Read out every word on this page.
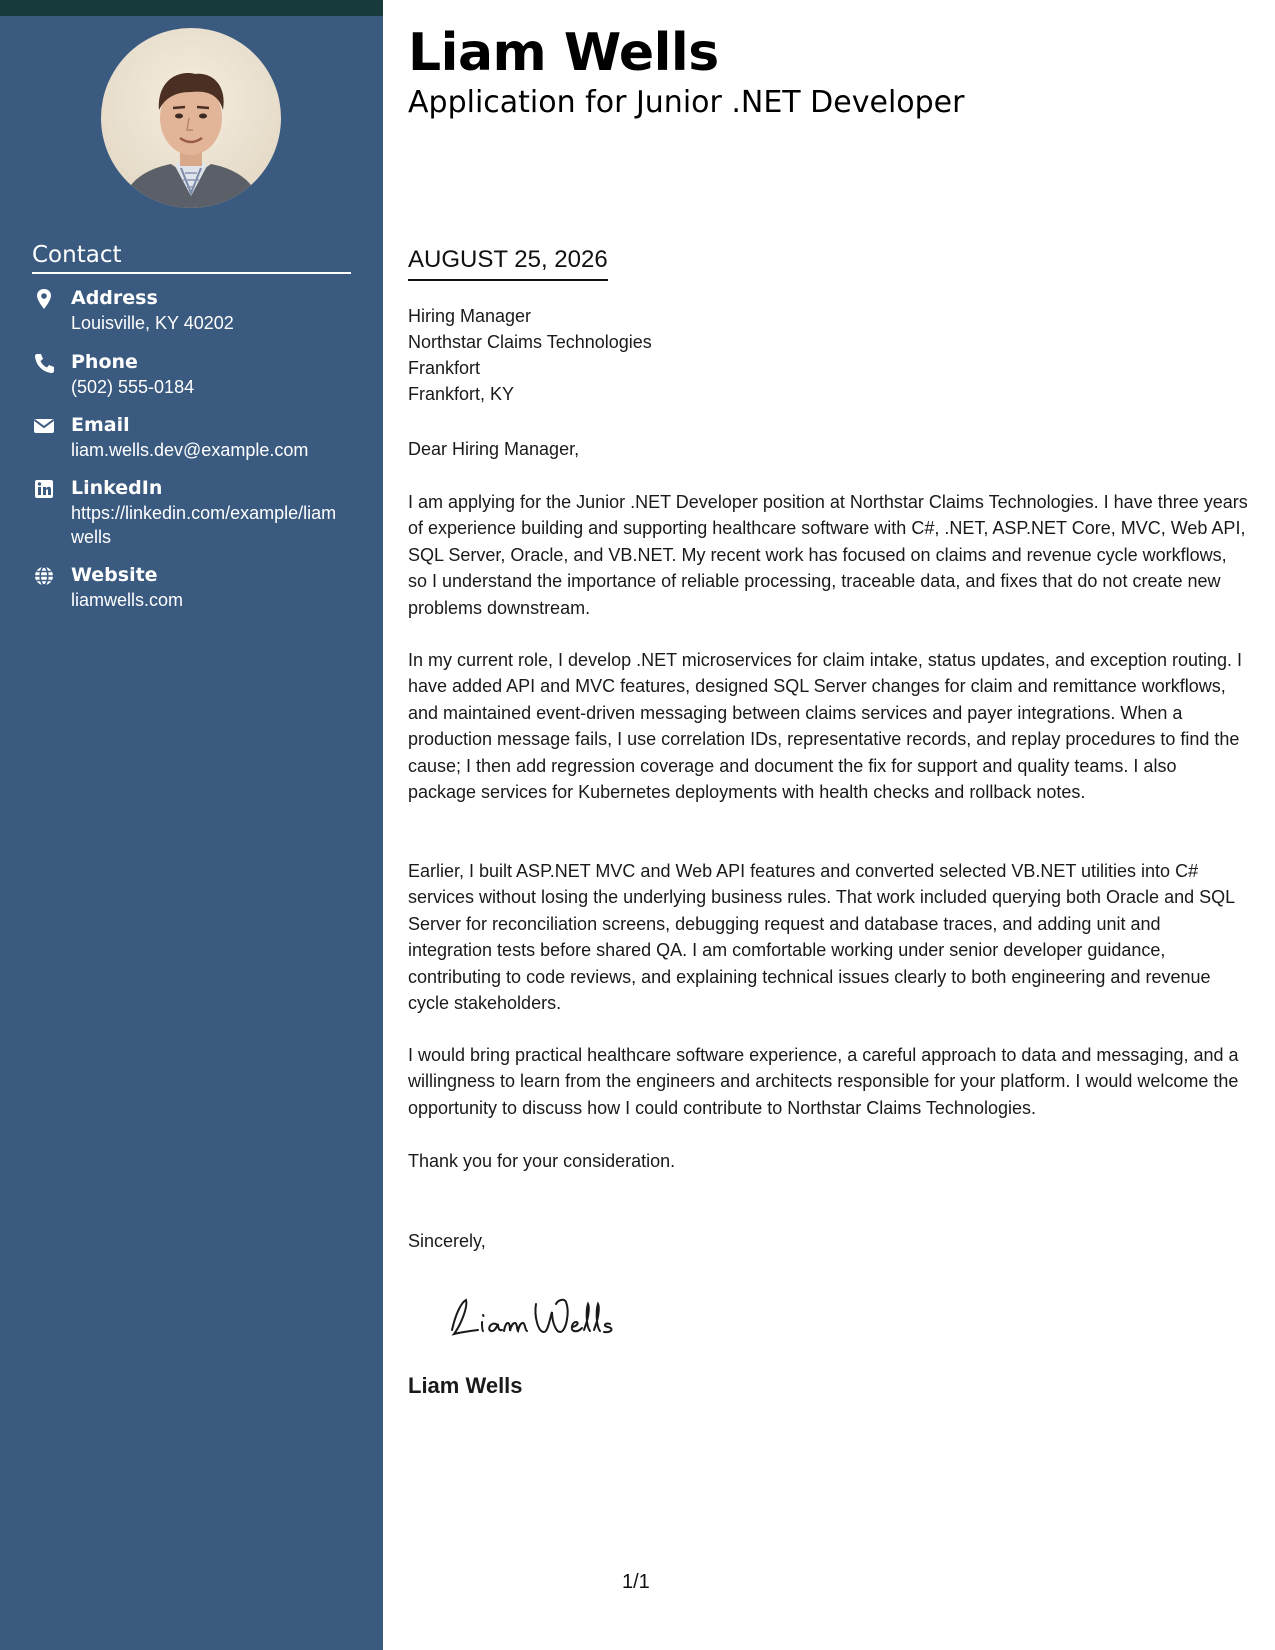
Contact
Address
Louisville, KY 40202
Phone
(502) 555-0184
Email
liam.wells.dev@example.com
LinkedIn
https://linkedin.com/example/liamwells
Website
liamwells.com
Liam Wells
Application for Junior .NET Developer
AUGUST 25, 2026
Hiring Manager
Northstar Claims Technologies
Frankfort
Frankfort, KY
Dear Hiring Manager,

I am applying for the Junior .NET Developer position at Northstar Claims Technologies. I have three years of experience building and supporting healthcare software with C#, .NET, ASP.NET Core, MVC, Web API, SQL Server, Oracle, and VB.NET. My recent work has focused on claims and revenue cycle workflows, so I understand the importance of reliable processing, traceable data, and fixes that do not create new problems downstream.

In my current role, I develop .NET microservices for claim intake, status updates, and exception routing. I have added API and MVC features, designed SQL Server changes for claim and remittance workflows, and maintained event-driven messaging between claims services and payer integrations. When a production message fails, I use correlation IDs, representative records, and replay procedures to find the cause; I then add regression coverage and document the fix for support and quality teams. I also package services for Kubernetes deployments with health checks and rollback notes.

Earlier, I built ASP.NET MVC and Web API features and converted selected VB.NET utilities into C# services without losing the underlying business rules. That work included querying both Oracle and SQL Server for reconciliation screens, debugging request and database traces, and adding unit and integration tests before shared QA. I am comfortable working under senior developer guidance, contributing to code reviews, and explaining technical issues clearly to both engineering and revenue cycle stakeholders.

I would bring practical healthcare software experience, a careful approach to data and messaging, and a willingness to learn from the engineers and architects responsible for your platform. I would welcome the opportunity to discuss how I could contribute to Northstar Claims Technologies.

Thank you for your consideration.
Sincerely,
Liam Wells
1/1
